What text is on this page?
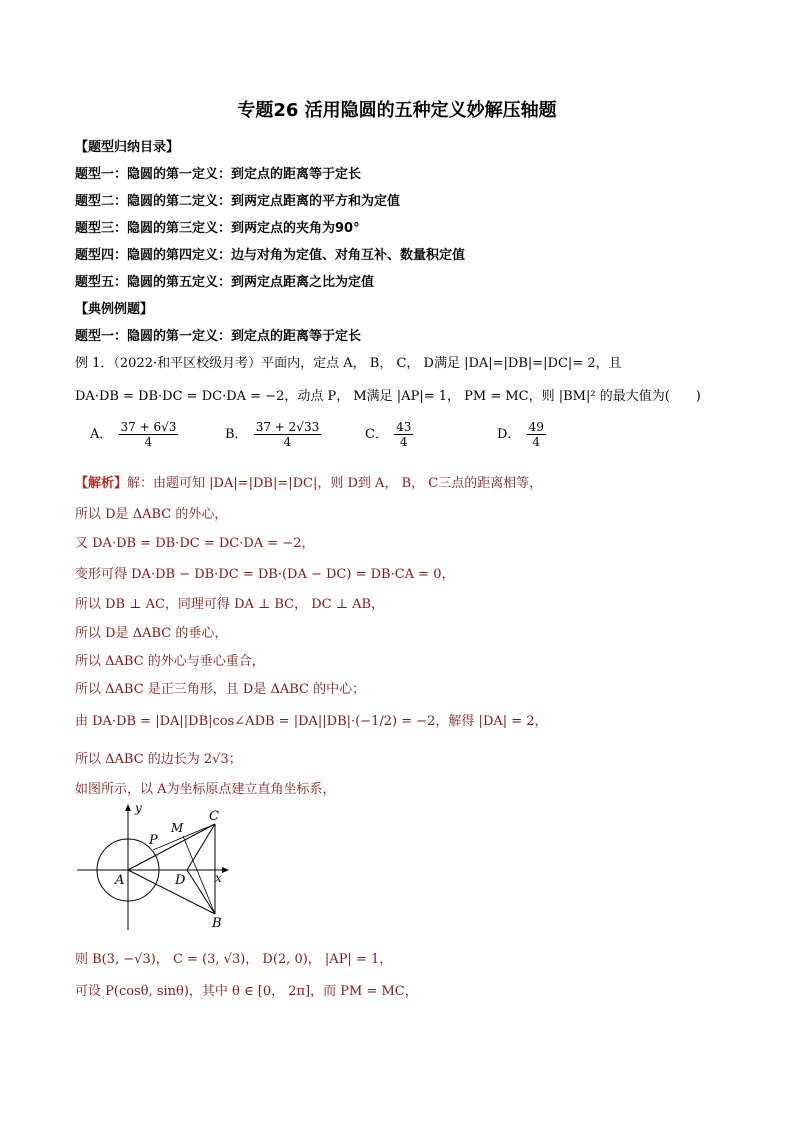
专题26 活用隐圆的五种定义妙解压轴题
【题型归纳目录】
题型一：隐圆的第一定义：到定点的距离等于定长
题型二：隐圆的第二定义：到两定点距离的平方和为定值
题型三：隐圆的第三定义：到两定点的夹角为90°
题型四：隐圆的第四定义：边与对角为定值、对角互补、数量积定值
题型五：隐圆的第五定义：到两定点距离之比为定值
【典例例题】
题型一：隐圆的第一定义：到定点的距离等于定长
例 1．（2022·和平区校级月考）平面内，定点 A， B， C， D满足 |DA|=|DB|=|DC|= 2，且
DA·DB = DB·DC = DC·DA = −2，动点 P， M满足 |AP|= 1， PM = MC，则 |BM|² 的最大值为(　　)
A． $\frac{37 + 6√3}{4}$	B． $\frac{37 + 2√33}{4}$	C． $\frac{43}{4}$	D． $\frac{49}{4}$
【解析】解：由题可知 |DA|=|DB|=|DC|，则 D到 A， B， C三点的距离相等，
所以 D是 ΔABC 的外心，
又 DA·DB = DB·DC = DC·DA = −2，
变形可得 DA·DB − DB·DC = DB·(DA − DC) = DB·CA = 0，
所以 DB ⊥ AC，同理可得 DA ⊥ BC， DC ⊥ AB，
所以 D是 ΔABC 的垂心，
所以 ΔABC 的外心与垂心重合，
所以 ΔABC 是正三角形，且 D是 ΔABC 的中心；
由 DA·DB = |DA||DB|cos∠ADB = |DA||DB|·(−1/2) = −2，解得 |DA| = 2，
所以 ΔABC 的边长为 2√3；
如图所示，以 A为坐标原点建立直角坐标系，
y
x
A
B
C
D
P
M
则 B(3, −√3)， C = (3, √3)， D(2, 0)， |AP| = 1，
可设 P(cosθ, sinθ)，其中 θ ∈ [0， 2π]，而 PM = MC，
